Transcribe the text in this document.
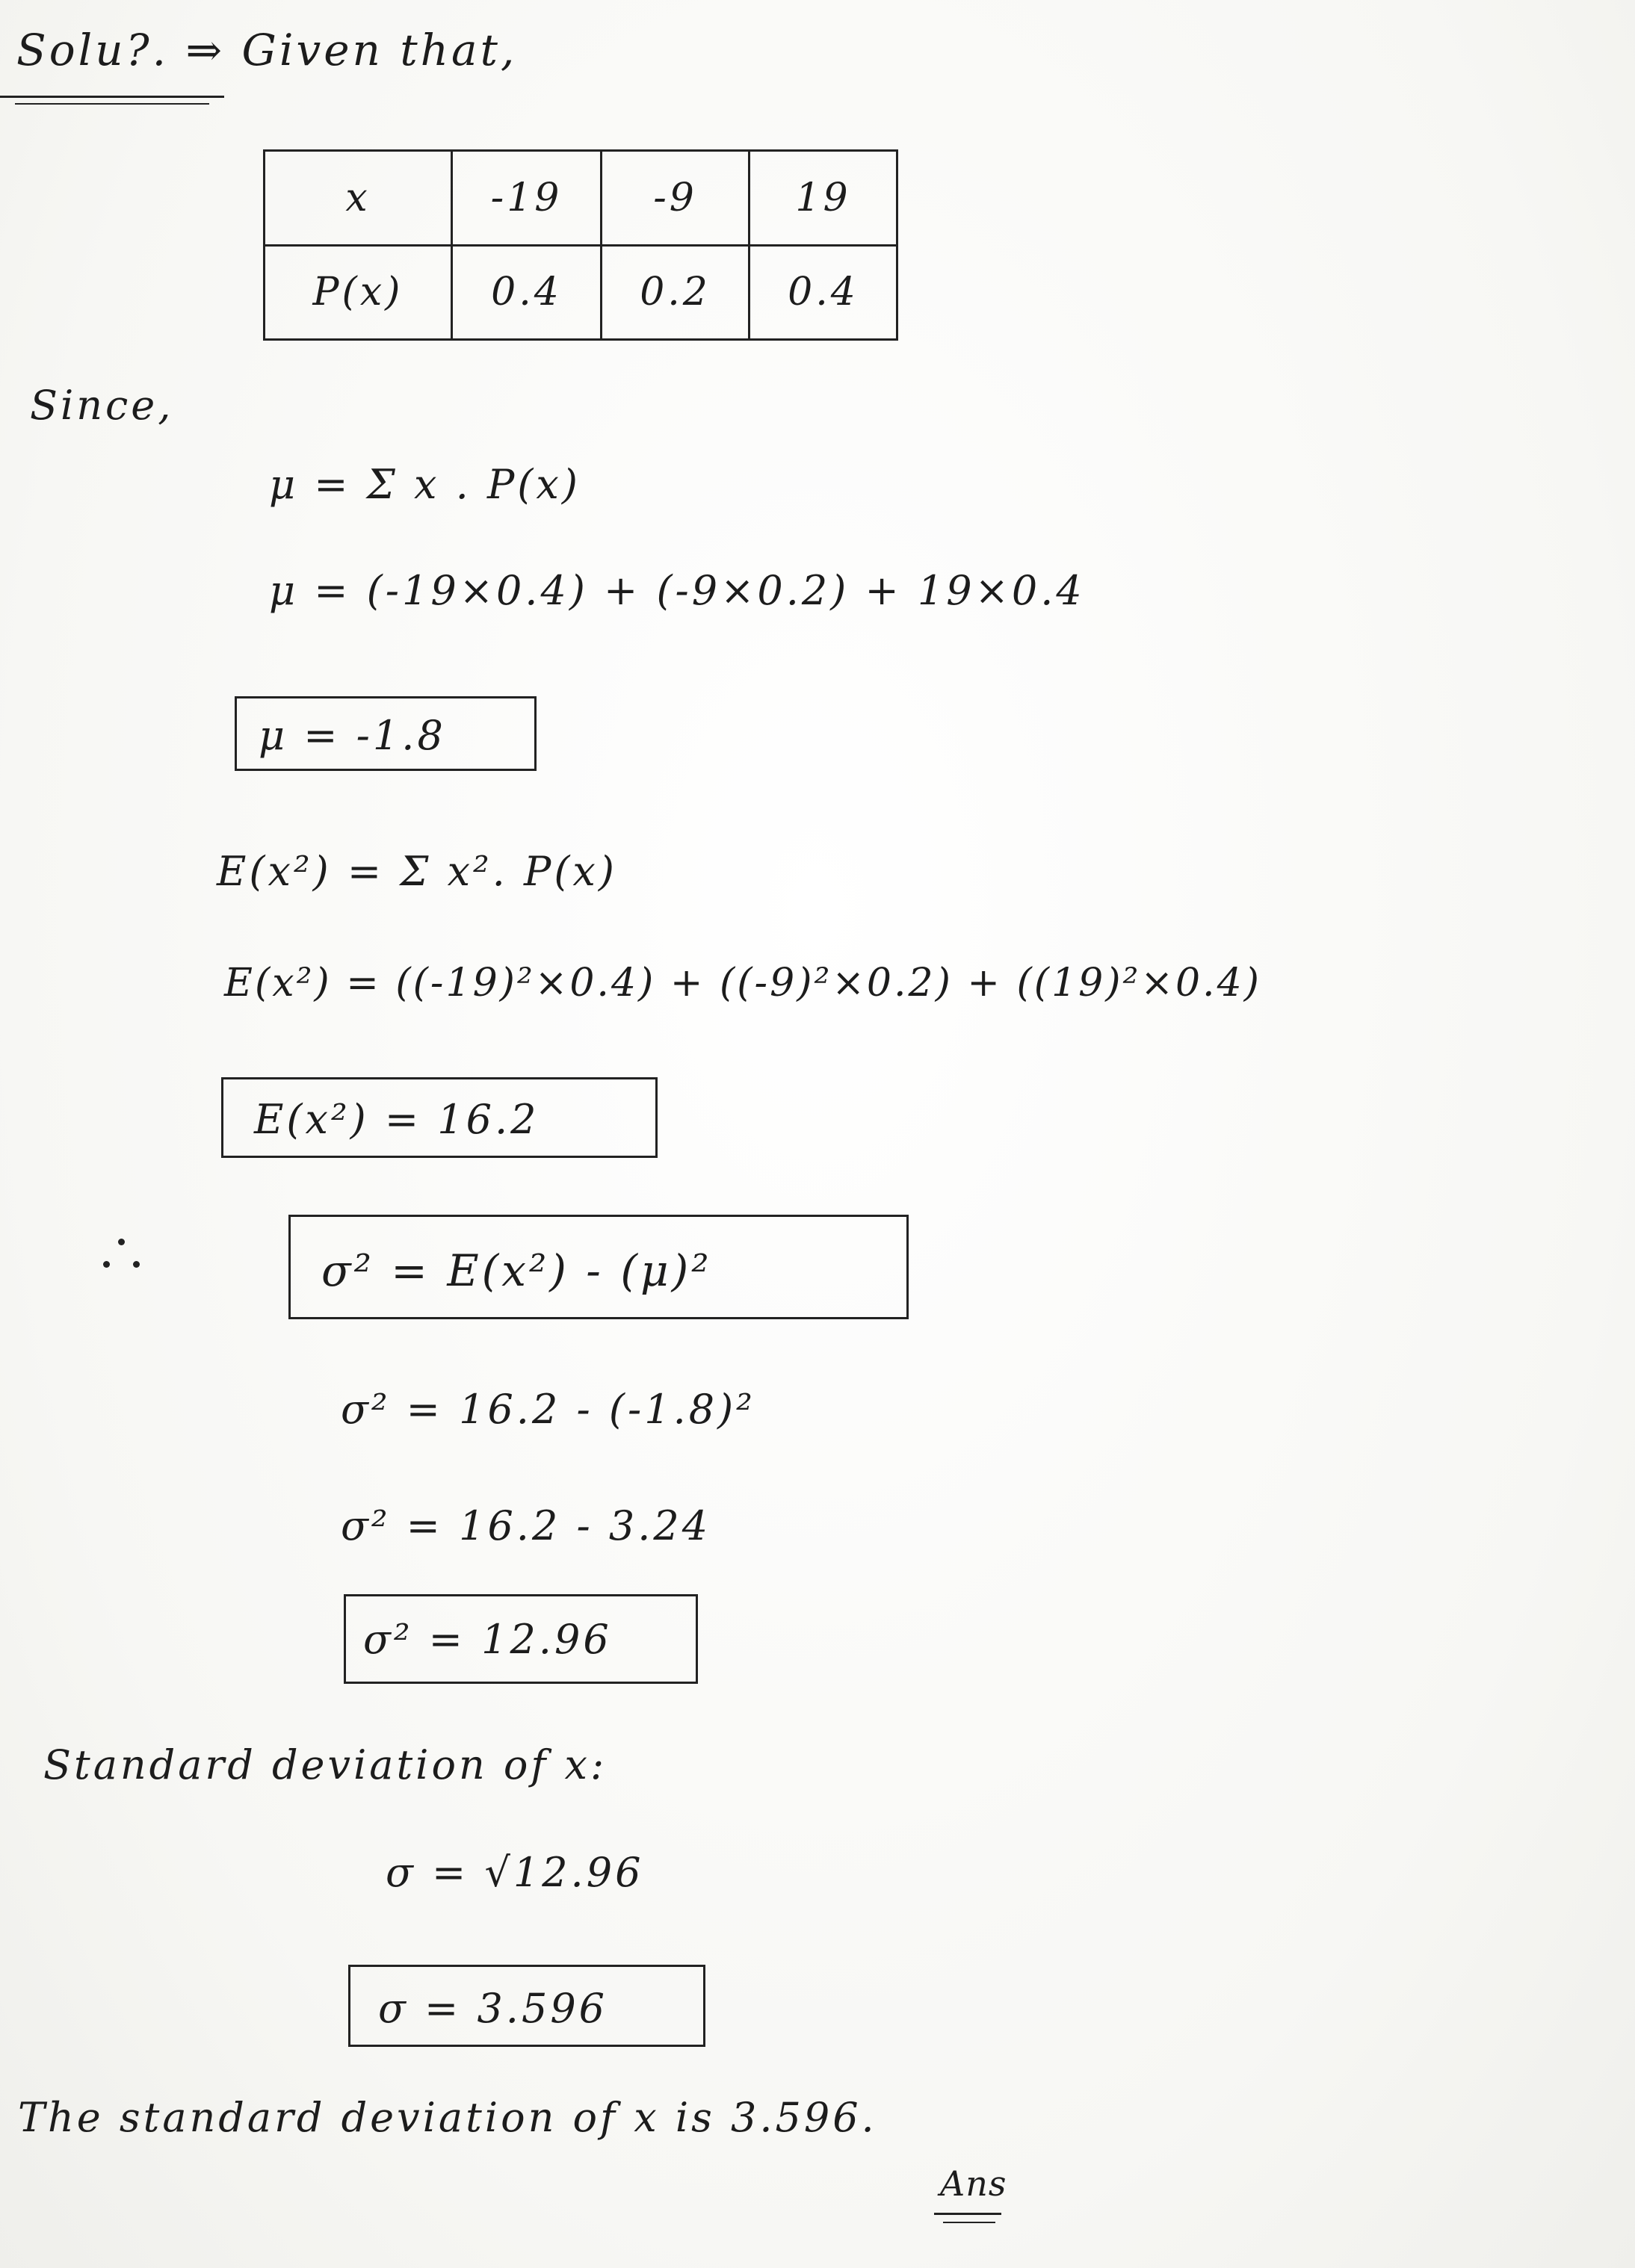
Solu?. ⇒ Given that,
x	-19	-9	19
P(x)	0.4	0.2	0.4
Since,
μ = Σ x . P(x)
μ = (-19×0.4) + (-9×0.2) + 19×0.4
μ = -1.8
E(x²) = Σ x². P(x)
E(x²) = ((-19)²×0.4) + ((-9)²×0.2) + ((19)²×0.4)
E(x²) = 16.2
σ² = E(x²) - (μ)²
σ² = 16.2 - (-1.8)²
σ² = 16.2 - 3.24
σ² = 12.96
Standard deviation of x:
σ = √12.96
σ = 3.596
The standard deviation of x is 3.596.
Ans
